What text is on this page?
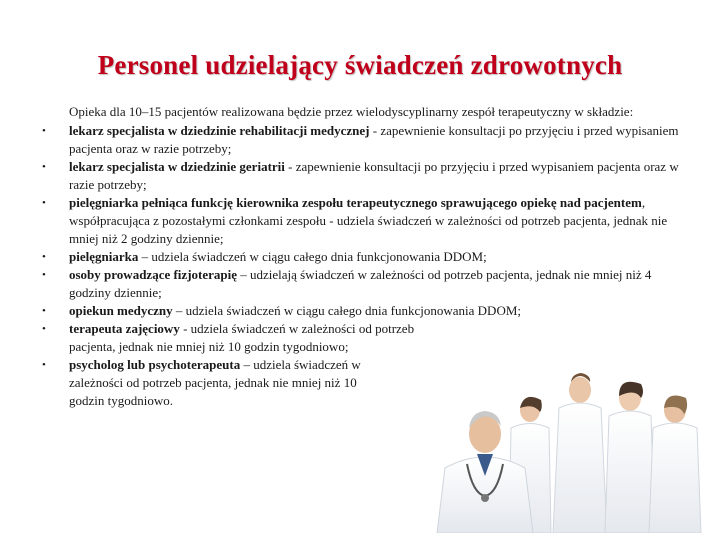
Personel udzielający świadczeń zdrowotnych

Opieka dla 10–15 pacjentów realizowana będzie przez wielodyscyplinarny zespół terapeutyczny w składzie:

• lekarz specjalista w dziedzinie rehabilitacji medycznej - zapewnienie konsultacji po przyjęciu i przed wypisaniem pacjenta oraz w razie potrzeby;
• lekarz specjalista w dziedzinie geriatrii - zapewnienie konsultacji po przyjęciu i przed wypisaniem pacjenta oraz w razie potrzeby;
• pielęgniarka pełniąca funkcję kierownika zespołu terapeutycznego sprawującego opiekę nad pacjentem, współpracująca z pozostałymi członkami zespołu - udziela świadczeń w zależności od potrzeb pacjenta, jednak nie mniej niż 2 godziny dziennie;
• pielęgniarka – udziela świadczeń w ciągu całego dnia funkcjonowania DDOM;
• osoby prowadzące fizjoterapię – udzielają świadczeń w zależności od potrzeb pacjenta, jednak nie mniej niż 4 godziny dziennie;
• opiekun medyczny – udziela świadczeń w ciągu całego dnia funkcjonowania DDOM;
• terapeuta zajęciowy - udziela świadczeń w zależności od potrzeb pacjenta, jednak nie mniej niż 10 godzin tygodniowo;
• psycholog lub psychoterapeuta – udziela świadczeń w zależności od potrzeb pacjenta, jednak nie mniej niż 10 godzin tygodniowo.
